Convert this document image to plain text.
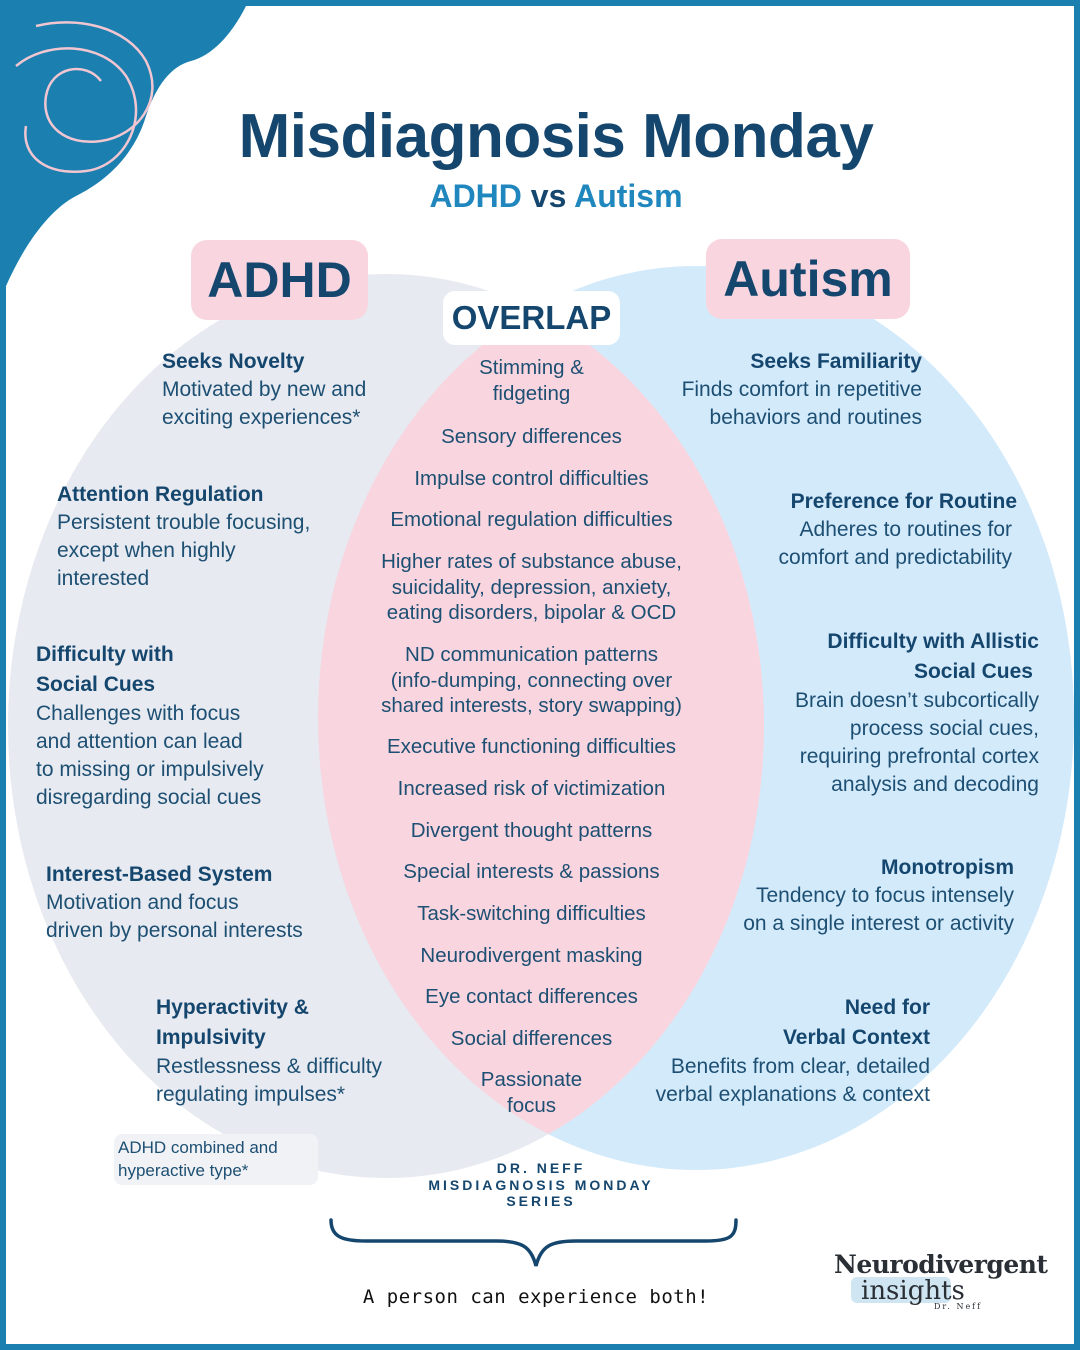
Misdiagnosis Monday
ADHD vs Autism
ADHD	Autism
OVERLAP
Seeks Novelty
Motivated by new and
exciting experiences*
Attention Regulation
Persistent trouble focusing,
except when highly
interested
Difficulty with
Social Cues
Challenges with focus
and attention can lead
to missing or impulsively
disregarding social cues
Interest-Based System
Motivation and focus
driven by personal interests
Hyperactivity &
Impulsivity
Restlessness & difficulty
regulating impulses*
ADHD combined and
hyperactive type*
Seeks Familiarity
Finds comfort in repetitive
behaviors and routines
Preference for Routine
Adheres to routines for
comfort and predictability
Difficulty with Allistic
Social Cues
Brain doesn’t subcortically
process social cues,
requiring prefrontal cortex
analysis and decoding
Monotropism
Tendency to focus intensely
on a single interest or activity
Need for
Verbal Context
Benefits from clear, detailed
verbal explanations & context
Stimming &
fidgeting
Sensory differences
Impulse control difficulties
Emotional regulation difficulties
Higher rates of substance abuse,
suicidality, depression, anxiety,
eating disorders, bipolar & OCD
ND communication patterns
(info-dumping, connecting over
shared interests, story swapping)
Executive functioning difficulties
Increased risk of victimization
Divergent thought patterns
Special interests & passions
Task-switching difficulties
Neurodivergent masking
Eye contact differences
Social differences
Passionate
focus
DR. NEFF
MISDIAGNOSIS MONDAY
SERIES
A person can experience both!
Neurodivergent
insights
Dr. Neff
